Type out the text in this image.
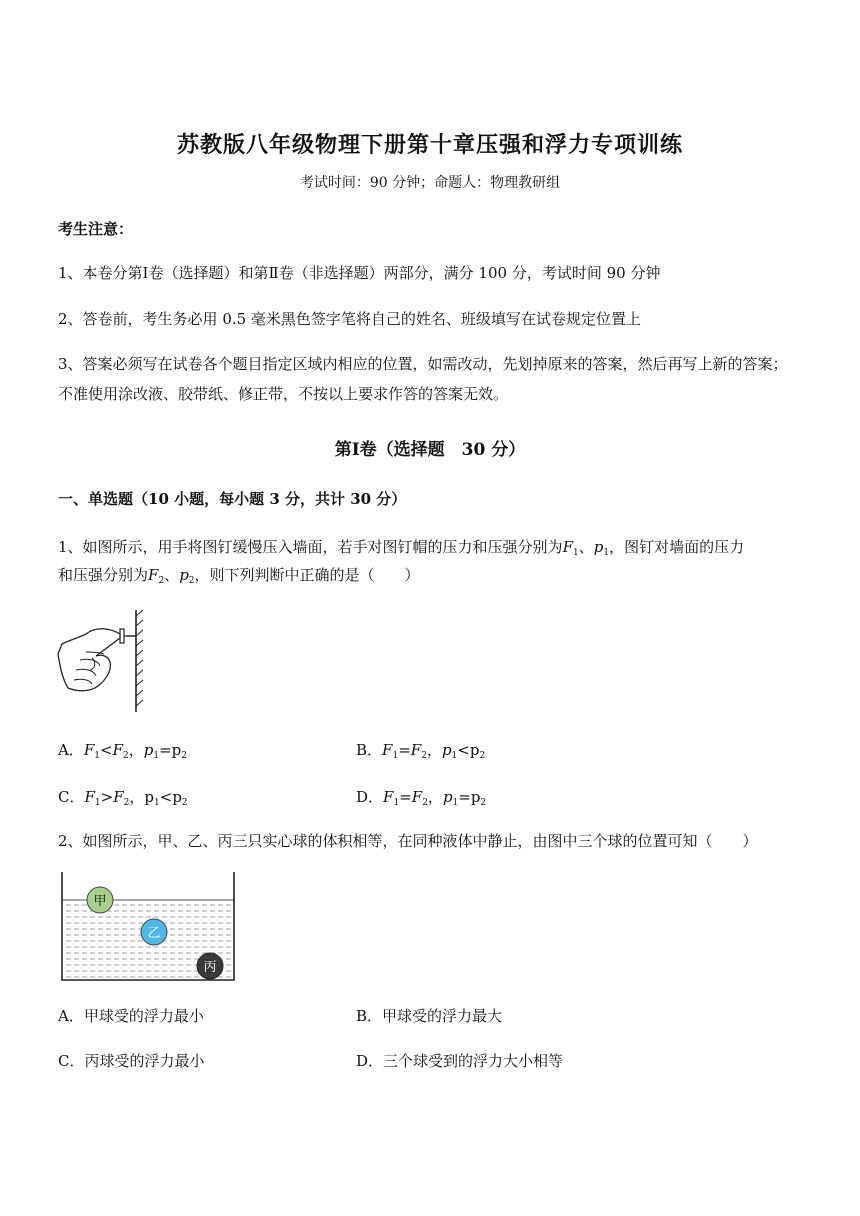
苏教版八年级物理下册第十章压强和浮力专项训练
考试时间：90 分钟；命题人：物理教研组
考生注意：
1、本卷分第Ⅰ卷（选择题）和第Ⅱ卷（非选择题）两部分，满分 100 分，考试时间 90 分钟
2、答卷前，考生务必用 0.5 毫米黑色签字笔将自己的姓名、班级填写在试卷规定位置上
3、答案必须写在试卷各个题目指定区域内相应的位置，如需改动，先划掉原来的答案，然后再写上新的答案；不准使用涂改液、胶带纸、修正带，不按以上要求作答的答案无效。
第Ⅰ卷（选择题　30 分）
一、单选题（10 小题，每小题 3 分，共计 30 分）
1、如图所示，用手将图钉缓慢压入墙面，若手对图钉帽的压力和压强分别为$F_1$、$p_1$，图钉对墙面的压力
和压强分别为$F_2$、$p_2$，则下列判断中正确的是（　　）
A．$F_1<F_2$，$p_1=p_2$	B．$F_1=F_2$，$p_1<p_2$
C．$F_1>F_2$，$p_1<p_2$	D．$F_1=F_2$，$p_1=p_2$
2、如图所示，甲、乙、丙三只实心球的体积相等，在同种液体中静止，由图中三个球的位置可知（　　）
甲
乙
丙
A．甲球受的浮力最小	B．甲球受的浮力最大
C．丙球受的浮力最小	D．三个球受到的浮力大小相等
